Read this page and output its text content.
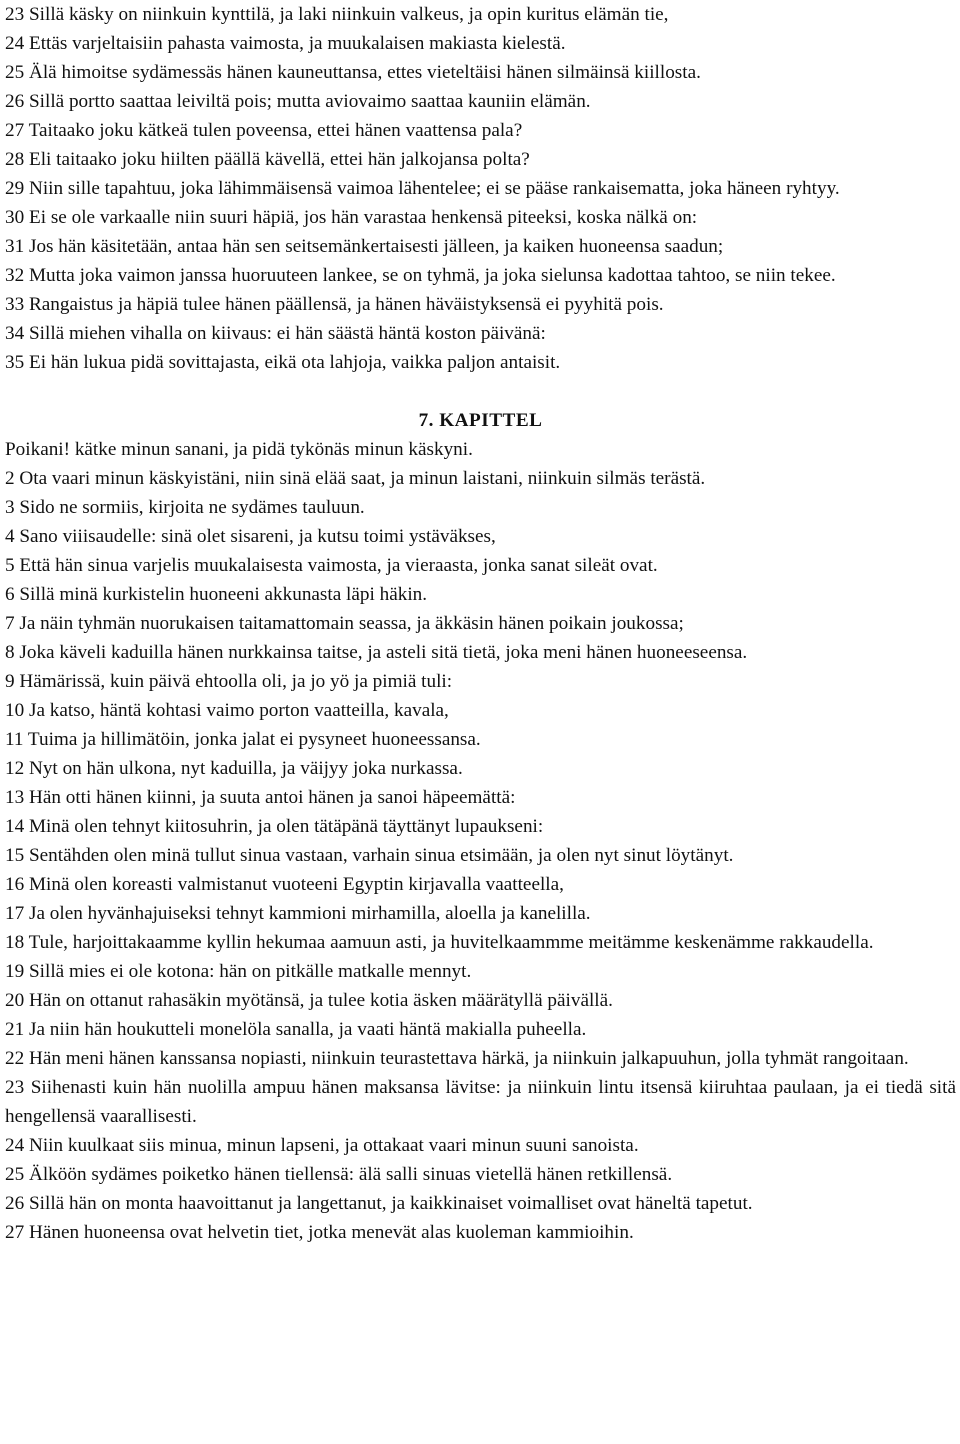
23 Sillä käsky on niinkuin kynttilä, ja laki niinkuin valkeus, ja opin kuritus elämän tie,

24 Ettäs varjeltaisiin pahasta vaimosta, ja muukalaisen makiasta kielestä.

25 Älä himoitse sydämessäs hänen kauneuttansa, ettes vieteltäisi hänen silmäinsä kiillosta.

26 Sillä portto saattaa leiviltä pois; mutta aviovaimo saattaa kauniin elämän.

27 Taitaako joku kätkeä tulen poveensa, ettei hänen vaattensa pala?

28 Eli taitaako joku hiilten päällä kävellä, ettei hän jalkojansa polta?

29 Niin sille tapahtuu, joka lähimmäisensä vaimoa lähentelee; ei se pääse rankaisematta, joka häneen ryhtyy.

30 Ei se ole varkaalle niin suuri häpiä, jos hän varastaa henkensä piteeksi, koska nälkä on:

31 Jos hän käsitetään, antaa hän sen seitsemänkertaisesti jälleen, ja kaiken huoneensa saadun;

32 Mutta joka vaimon janssa huoruuteen lankee, se on tyhmä, ja joka sielunsa kadottaa tahtoo, se niin tekee.

33 Rangaistus ja häpiä tulee hänen päällensä, ja hänen häväistyksensä ei pyyhitä pois.

34 Sillä miehen vihalla on kiivaus: ei hän säästä häntä koston päivänä:

35 Ei hän lukua pidä sovittajasta, eikä ota lahjoja, vaikka paljon antaisit.

7. KAPITTEL

Poikani! kätke minun sanani, ja pidä tykönäs minun käskyni.

2 Ota vaari minun käskyistäni, niin sinä elää saat, ja minun laistani, niinkuin silmäs terästä.

3 Sido ne sormiis, kirjoita ne sydämes tauluun.

4 Sano viiisaudelle: sinä olet sisareni, ja kutsu toimi ystäväkses,

5 Että hän sinua varjelis muukalaisesta vaimosta, ja vieraasta, jonka sanat sileät ovat.

6 Sillä minä kurkistelin huoneeni akkunasta läpi häkin.

7 Ja näin tyhmän nuorukaisen taitamattomain seassa, ja äkkäsin hänen poikain joukossa;

8 Joka käveli kaduilla hänen nurkkainsa taitse, ja asteli sitä tietä, joka meni hänen huoneeseensa.

9 Hämärissä, kuin päivä ehtoolla oli, ja jo yö ja pimiä tuli:

10 Ja katso, häntä kohtasi vaimo porton vaatteilla, kavala,

11 Tuima ja hillimätöin, jonka jalat ei pysyneet huoneessansa.

12 Nyt on hän ulkona, nyt kaduilla, ja väijyy joka nurkassa.

13 Hän otti hänen kiinni, ja suuta antoi hänen ja sanoi häpeemättä:

14 Minä olen tehnyt kiitosuhrin, ja olen tätäpänä täyttänyt lupaukseni:

15 Sentähden olen minä tullut sinua vastaan, varhain sinua etsimään, ja olen nyt sinut löytänyt.

16 Minä olen koreasti valmistanut vuoteeni Egyptin kirjavalla vaatteella,

17 Ja olen hyvänhajuiseksi tehnyt kammioni mirhamilla, aloella ja kanelilla.

18 Tule, harjoittakaamme kyllin hekumaa aamuun asti, ja huvitelkaammme meitämme keskenämme rakkaudella.

19 Sillä mies ei ole kotona: hän on pitkälle matkalle mennyt.

20 Hän on ottanut rahasäkin myötänsä, ja tulee kotia äsken määrätyllä päivällä.

21 Ja niin hän houkutteli monelöla sanalla, ja vaati häntä makialla puheella.

22 Hän meni hänen kanssansa nopiasti, niinkuin teurastettava härkä, ja niinkuin jalkapuuhun, jolla tyhmät rangoitaan.

23 Siihenasti kuin hän nuolilla ampuu hänen maksansa lävitse: ja niinkuin lintu itsensä kiiruhtaa paulaan, ja ei tiedä sitä hengellensä vaarallisesti.

24 Niin kuulkaat siis minua, minun lapseni, ja ottakaat vaari minun suuni sanoista.

25 Älköön sydämes poiketko hänen tiellensä: älä salli sinuas vietellä hänen retkillensä.

26 Sillä hän on monta haavoittanut ja langettanut, ja kaikkinaiset voimalliset ovat häneltä tapetut.

27 Hänen huoneensa ovat helvetin tiet, jotka menevät alas kuoleman kammioihin.
